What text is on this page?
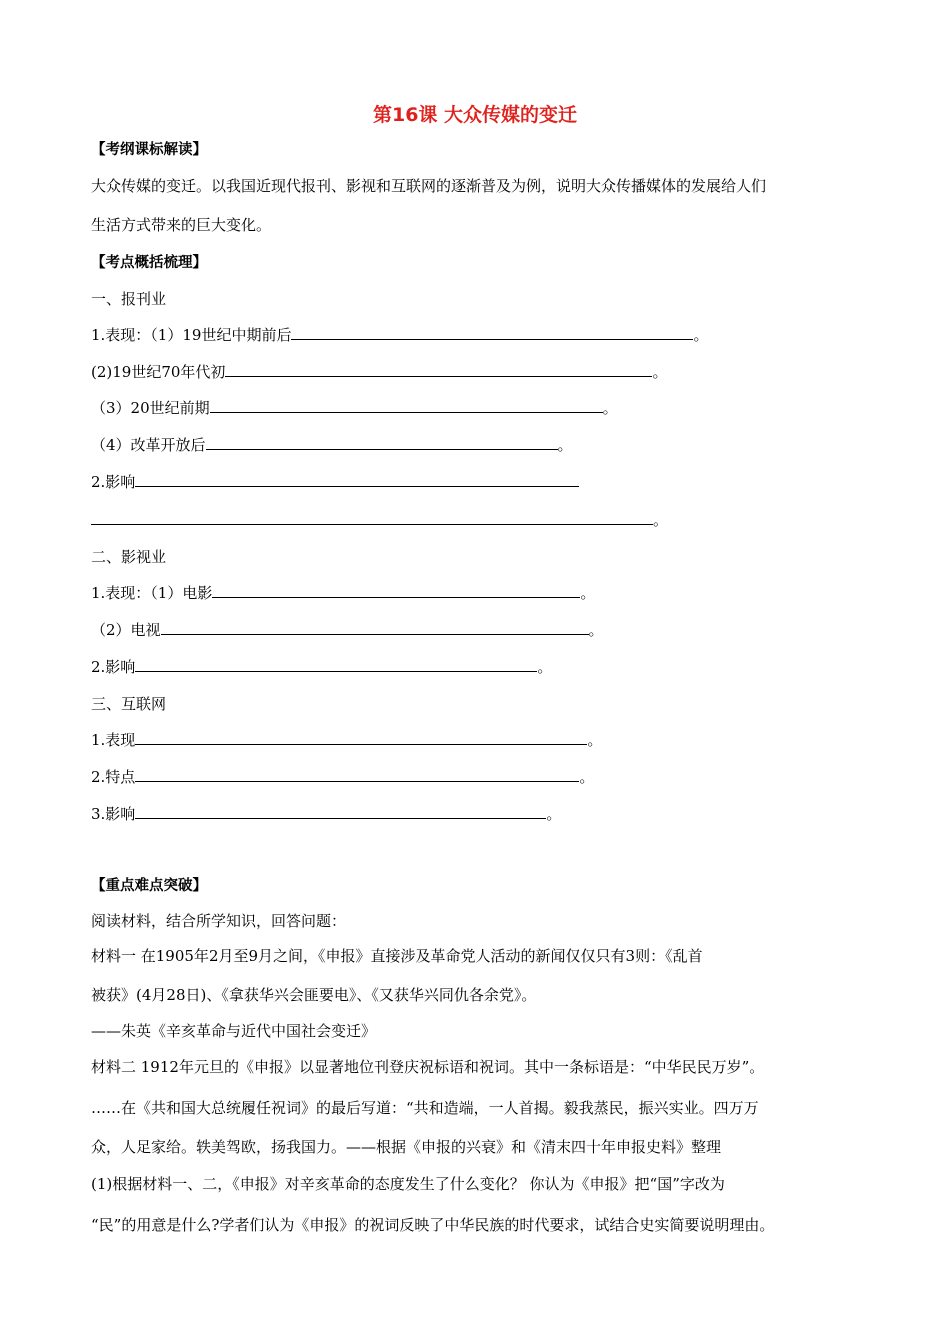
第16课 大众传媒的变迁
【考纲课标解读】
大众传媒的变迁。以我国近现代报刊、影视和互联网的逐渐普及为例，说明大众传播媒体的发展给人们
生活方式带来的巨大变化。
【考点概括梳理】
一、报刊业
1.表现：（1）19世纪中期前后	。
(2)19世纪70年代初	。
（3）20世纪前期	。
（4）改革开放后	。
2.影响
。
二、影视业
1.表现：（1）电影	。
（2）电视	。
2.影响	。
三、互联网
1.表现	。
2.特点	。
3.影响	。
【重点难点突破】
阅读材料，结合所学知识，回答问题：
材料一 在1905年2月至9月之间，《申报》直接涉及革命党人活动的新闻仅仅只有3则：《乱首
被获》(4月28日)、《拿获华兴会匪要电》、《又获华兴同仇各余党》。
——朱英《辛亥革命与近代中国社会变迁》
材料二 1912年元旦的《申报》以显著地位刊登庆祝标语和祝词。其中一条标语是：“中华民民万岁”。
……在《共和国大总统履任祝词》的最后写道：“共和造端，一人首揭。毅我蒸民，振兴实业。四万万
众，人足家给。轶美驾欧，扬我国力。——根据《申报的兴衰》和《清末四十年申报史料》整理
(1)根据材料一、二，《申报》对辛亥革命的态度发生了什么变化？ 你认为《申报》把“国”字改为
“民”的用意是什么?学者们认为《申报》的祝词反映了中华民族的时代要求，试结合史实简要说明理由。
